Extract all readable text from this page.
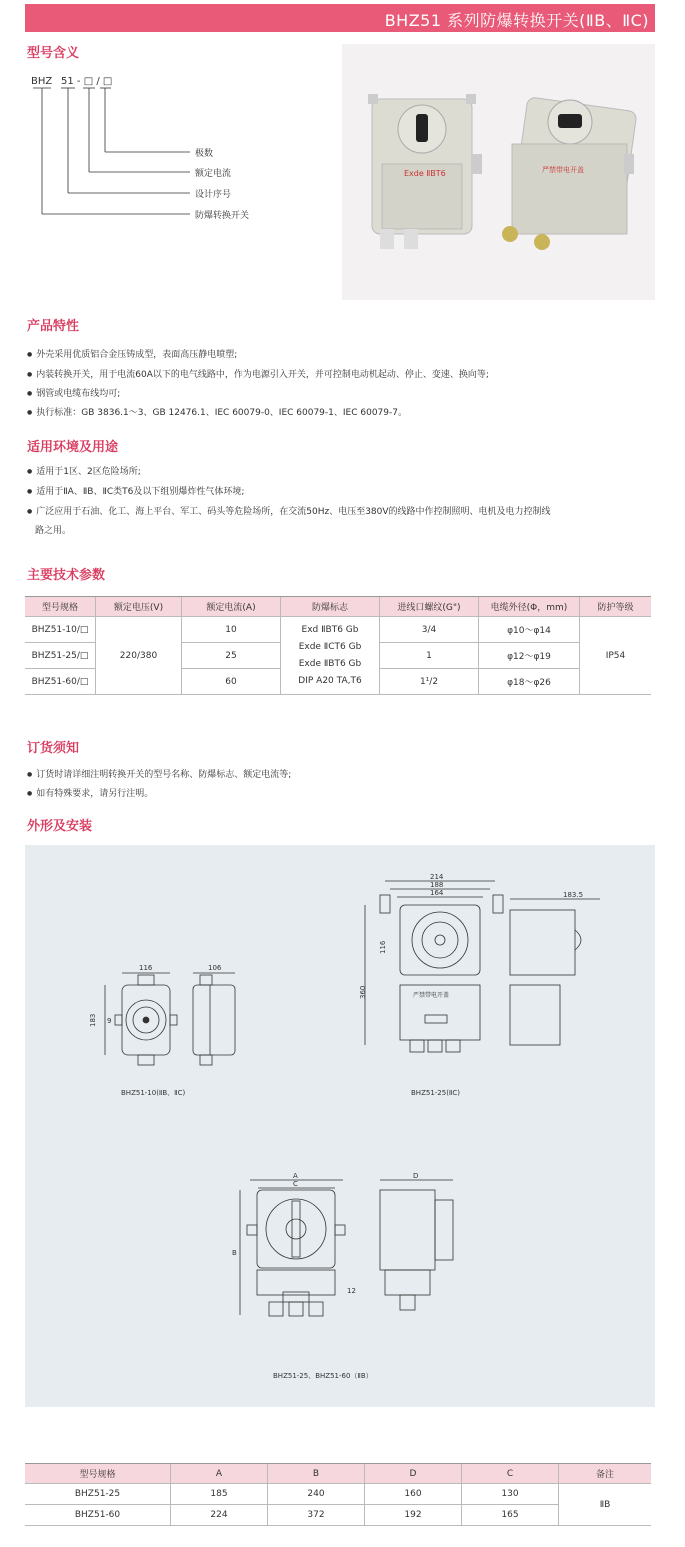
BHZ51 系列防爆转换开关(ⅡB、ⅡC)
型号含义
BHZ 51 - □ / □
极数
额定电流
设计序号
防爆转换开关
Exde ⅡBT6	严禁带电开盖
产品特性
● 外壳采用优质铝合金压铸成型，表面高压静电喷塑;
● 内装转换开关，用于电流60A以下的电气线路中，作为电源引入开关，并可控制电动机起动、停止、变速、换向等;
● 钢管或电缆布线均可;
● 执行标准：GB 3836.1～3、GB 12476.1、IEC 60079-0、IEC 60079-1、IEC 60079-7。
适用环境及用途
● 适用于1区、2区危险场所;
● 适用于ⅡA、ⅡB、ⅡC类T6及以下组别爆炸性气体环境;
● 广泛应用于石油、化工、海上平台、军工、码头等危险场所，在交流50Hz、电压至380V的线路中作控制照明、电机及电力控制线
路之用。
主要技术参数
型号规格	额定电压(V)	额定电流(A)	防爆标志	进线口螺纹(G")	电缆外径(Φ，mm)	防护等级
BHZ51-10/□	220/380	10	Exd ⅡBT6 Gb
Exde ⅡCT6 Gb
Exde ⅡBT6 Gb
DIP A20 TA,T6	3/4	φ10～φ14	IP54
BHZ51-25/□		25		1	φ12～φ19	
BHZ51-60/□		60		1¹/2	φ18～φ26	
订货须知
● 订货时请详细注明转换开关的型号名称、防爆标志、额定电流等;
● 如有特殊要求，请另行注明。
外形及安装
116	106
183 9
BHZ51-10(ⅡB、ⅡC)
214
188
164	183.5
116
360	严禁带电开盖
BHZ51-25(ⅡC)
A
C
D
B
12
BHZ51-25、BHZ51-60（ⅡB）
型号规格	A	B	D	C	备注
BHZ51-25	185	240	160	130	ⅡB
BHZ51-60	224	372	192	165	
